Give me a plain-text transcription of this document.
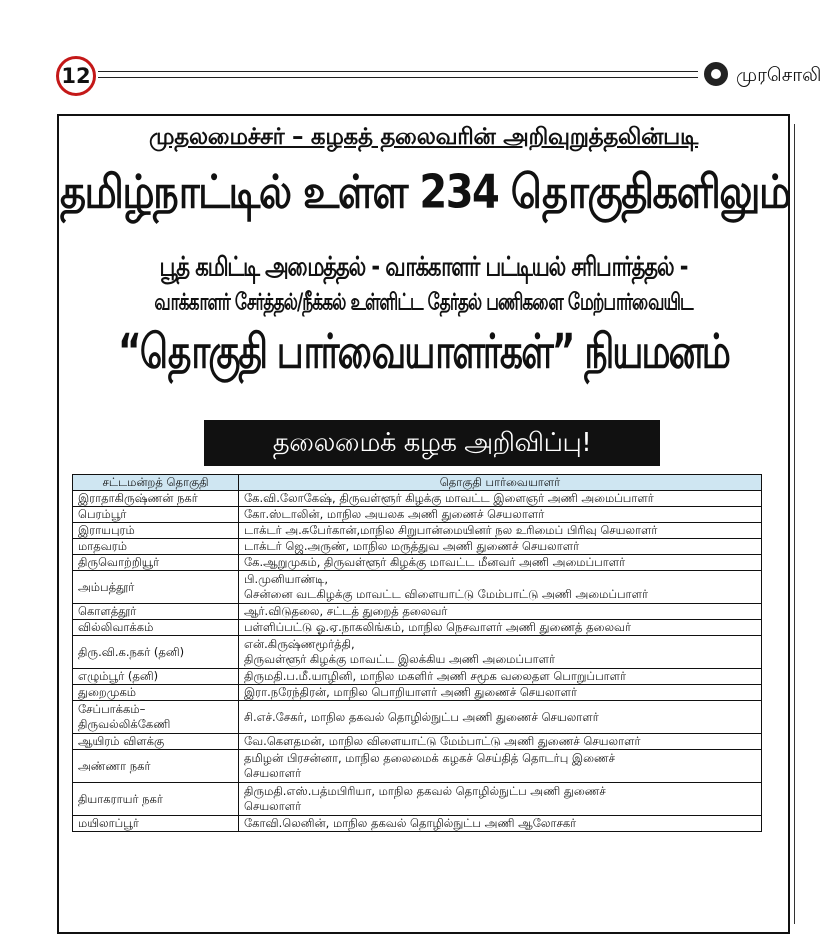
12	முரசொலி
முதலமைச்சர் – கழகத் தலைவரின் அறிவுறுத்தலின்படி
தமிழ்நாட்டில் உள்ள 234 தொகுதிகளிலும்
பூத் கமிட்டி அமைத்தல் - வாக்காளர் பட்டியல் சரிபார்த்தல் -
வாக்காளர் சேர்த்தல்/நீக்கல் உள்ளிட்ட தேர்தல் பணிகளை மேற்பார்வையிட
“தொகுதி பார்வையாளர்கள்” நியமனம்
தலைமைக் கழக அறிவிப்பு!
சட்டமன்றத் தொகுதி	தொகுதி பார்வையாளர்
இராதாகிருஷ்ணன் நகர்	கே.வி.லோகேஷ், திருவள்ளூர் கிழக்கு மாவட்ட இளைஞர் அணி அமைப்பாளர்
பெரம்பூர்	கோ.ஸ்டாலின், மாநில அயலக அணி துணைச் செயலாளர்
இராயபுரம்	டாக்டர் அ.சுபேர்கான்,மாநில சிறுபான்மையினர் நல உரிமைப் பிரிவு செயலாளர்
மாதவரம்	டாக்டர் ஜெ.அருண், மாநில மருத்துவ அணி துணைச் செயலாளர்
திருவொற்றியூர்	கே.ஆறுமுகம், திருவள்ளூர் கிழக்கு மாவட்ட மீனவர் அணி அமைப்பாளர்
அம்பத்தூர்	பி.முனியாண்டி,
சென்னை வடகிழக்கு மாவட்ட விளையாட்டு மேம்பாட்டு அணி அமைப்பாளர்
கொளத்தூர்	ஆர்.விடுதலை, சட்டத் துறைத் தலைவர்
வில்லிவாக்கம்	பள்ளிப்பட்டு ஓ.ஏ.நாகலிங்கம், மாநில நெசவாளர் அணி துணைத் தலைவர்
திரு.வி.க.நகர் (தனி)	என்.கிருஷ்ணமூர்த்தி,
திருவள்ளூர் கிழக்கு மாவட்ட இலக்கிய அணி அமைப்பாளர்
எழும்பூர் (தனி)	திருமதி.ப.மீ.யாழினி, மாநில மகளிர் அணி சமூக வலைதள பொறுப்பாளர்
துறைமுகம்	இரா.நரேந்திரன், மாநில பொறியாளர் அணி துணைச் செயலாளர்
சேப்பாக்கம்–
திருவல்லிக்கேணி	சி.எச்.சேகர், மாநில தகவல் தொழில்நுட்ப அணி துணைச் செயலாளர்
ஆயிரம் விளக்கு	வே.கௌதமன், மாநில விளையாட்டு மேம்பாட்டு அணி துணைச் செயலாளர்
அண்ணா நகர்	தமிழன் பிரசன்னா, மாநில தலைமைக் கழகச் செய்தித் தொடர்பு இணைச்
செயலாளர்
தியாகராயர் நகர்	திருமதி.எஸ்.பத்மபிரியா, மாநில தகவல் தொழில்நுட்ப அணி துணைச்
செயலாளர்
மயிலாப்பூர்	கோவி.லெனின், மாநில தகவல் தொழில்நுட்ப அணி ஆலோசகர்
